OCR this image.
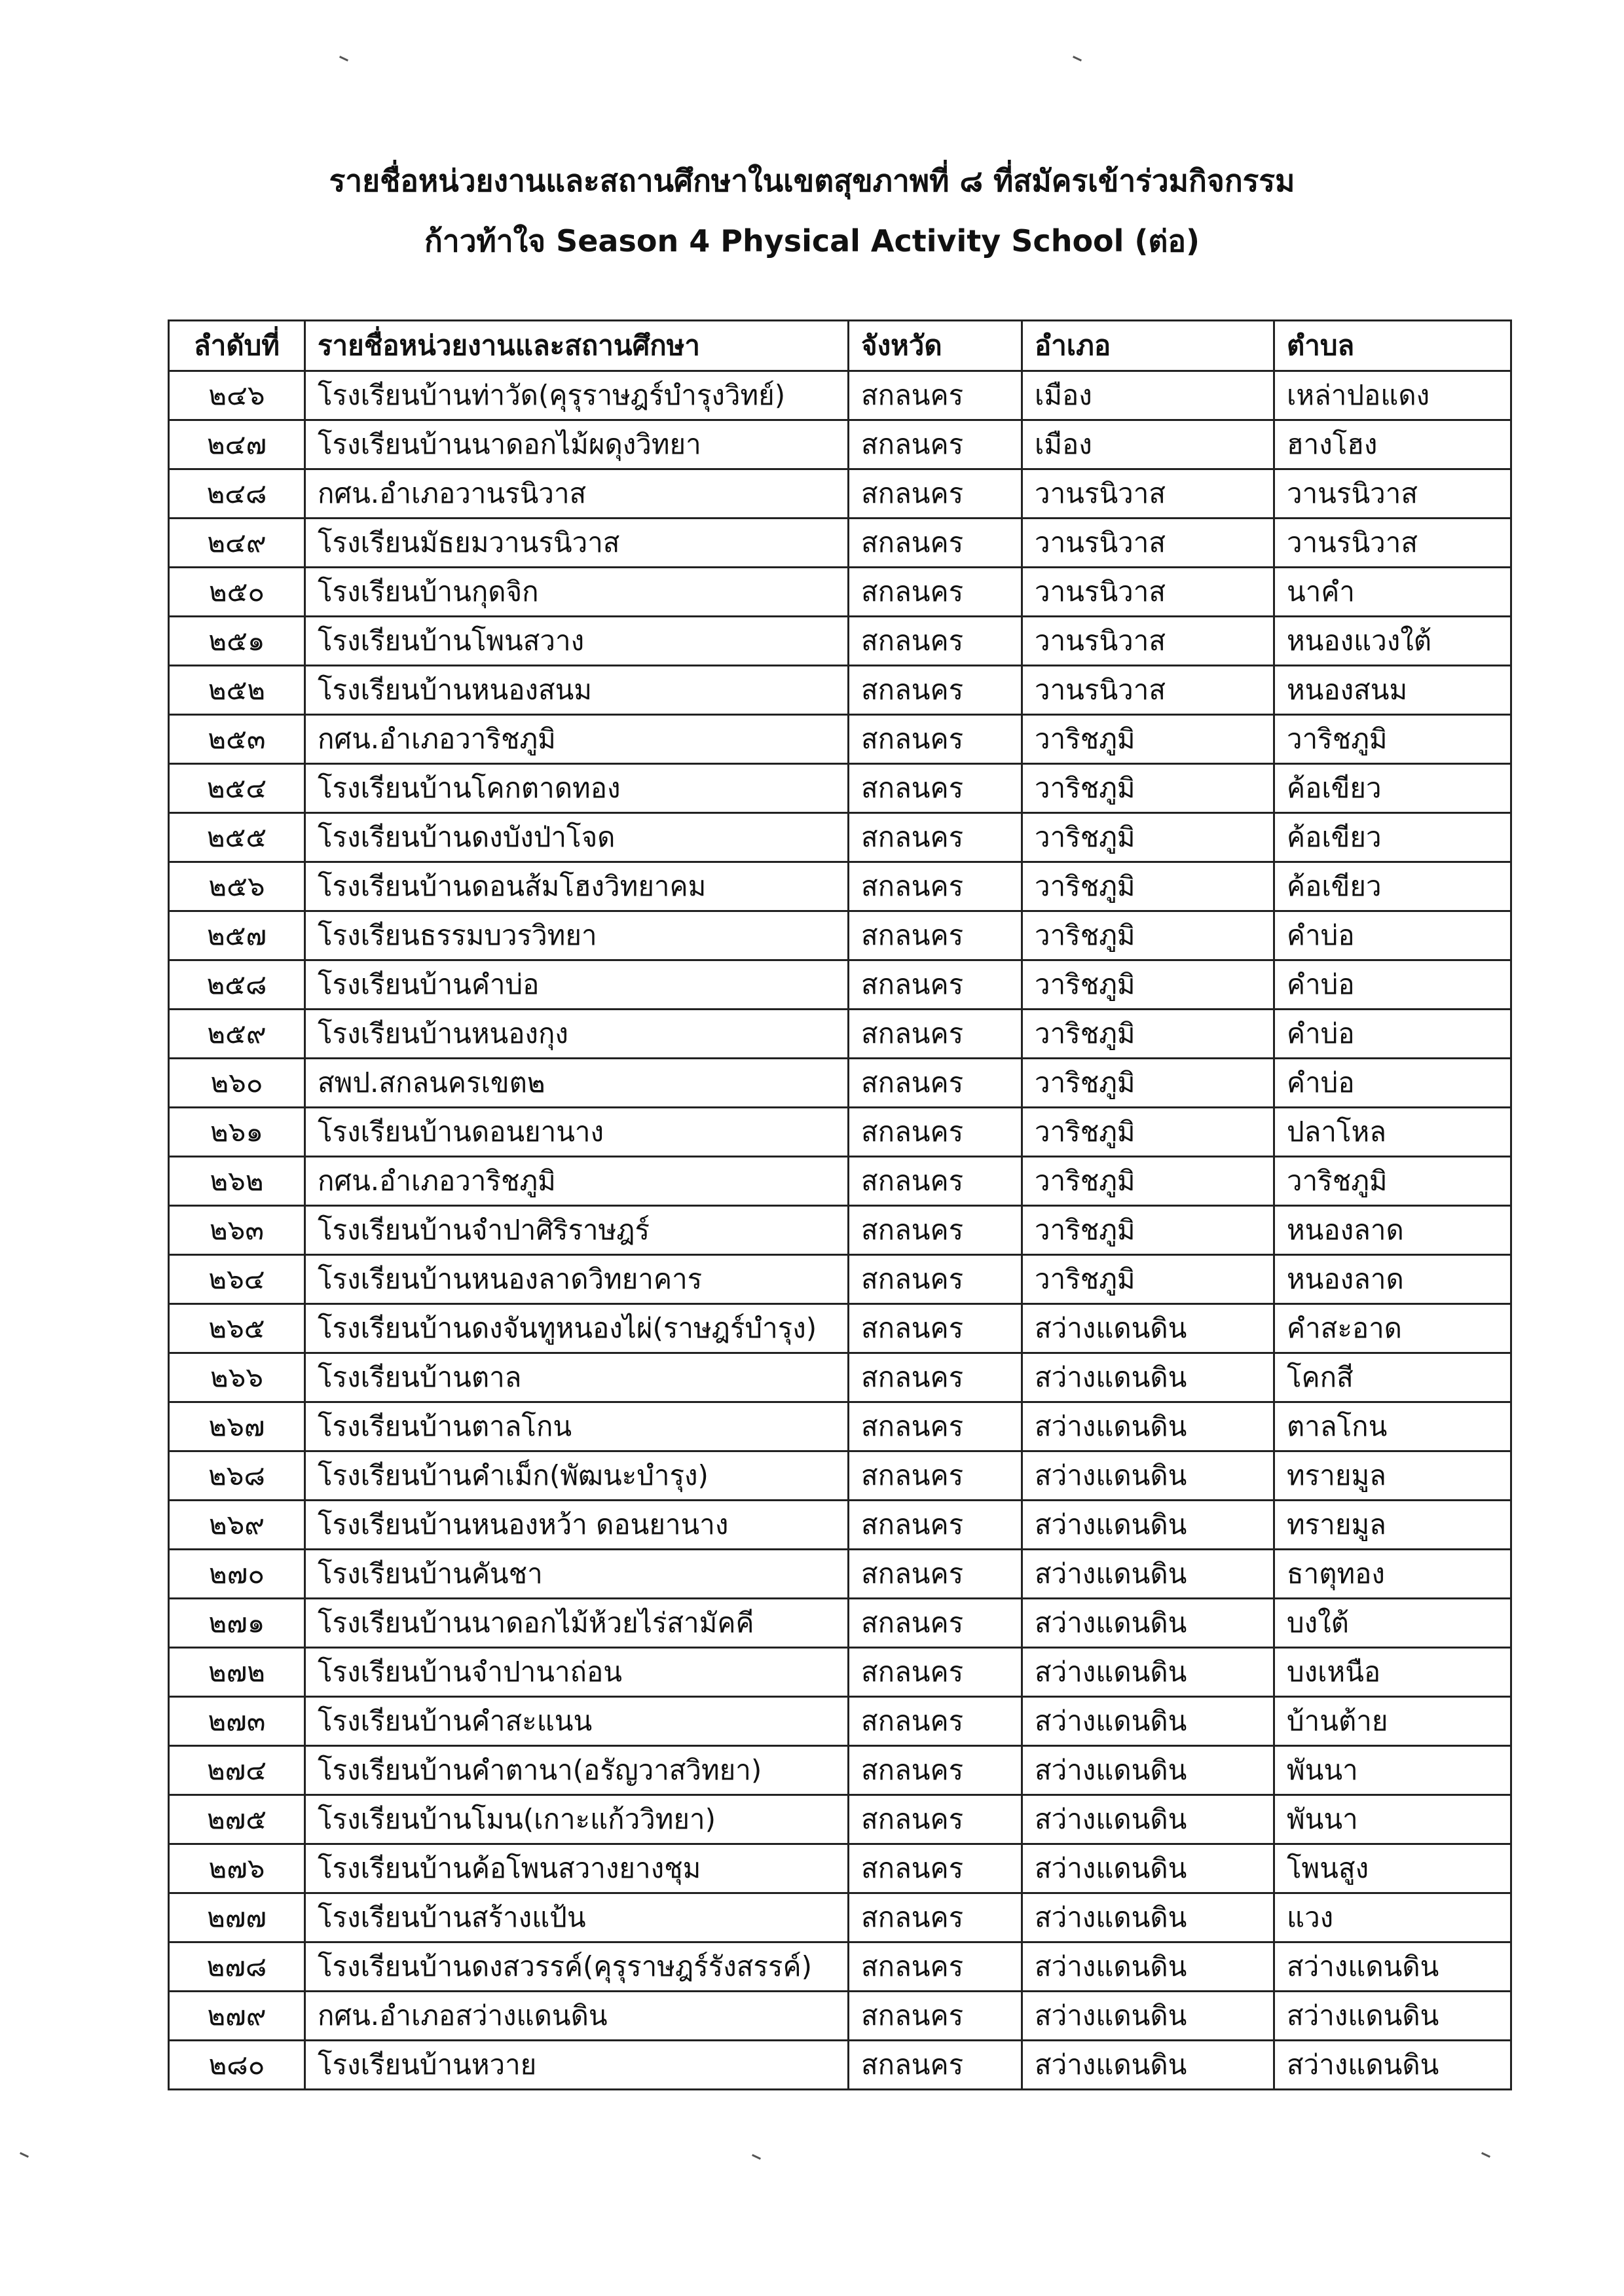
รายชื่อหน่วยงานและสถานศึกษาในเขตสุขภาพที่ ๘ ที่สมัครเข้าร่วมกิจกรรม
ก้าวท้าใจ Season 4 Physical Activity School (ต่อ)
ลำดับที่	รายชื่อหน่วยงานและสถานศึกษา	จังหวัด	อำเภอ	ตำบล
๒๔๖	โรงเรียนบ้านท่าวัด(คุรุราษฎร์บำรุงวิทย์)	สกลนคร	เมือง	เหล่าปอแดง
๒๔๗	โรงเรียนบ้านนาดอกไม้ผดุงวิทยา	สกลนคร	เมือง	ฮางโฮง
๒๔๘	กศน.อำเภอวานรนิวาส	สกลนคร	วานรนิวาส	วานรนิวาส
๒๔๙	โรงเรียนมัธยมวานรนิวาส	สกลนคร	วานรนิวาส	วานรนิวาส
๒๕๐	โรงเรียนบ้านกุดจิก	สกลนคร	วานรนิวาส	นาคำ
๒๕๑	โรงเรียนบ้านโพนสวาง	สกลนคร	วานรนิวาส	หนองแวงใต้
๒๕๒	โรงเรียนบ้านหนองสนม	สกลนคร	วานรนิวาส	หนองสนม
๒๕๓	กศน.อำเภอวาริชภูมิ	สกลนคร	วาริชภูมิ	วาริชภูมิ
๒๕๔	โรงเรียนบ้านโคกตาดทอง	สกลนคร	วาริชภูมิ	ค้อเขียว
๒๕๕	โรงเรียนบ้านดงบังป่าโจด	สกลนคร	วาริชภูมิ	ค้อเขียว
๒๕๖	โรงเรียนบ้านดอนส้มโฮงวิทยาคม	สกลนคร	วาริชภูมิ	ค้อเขียว
๒๕๗	โรงเรียนธรรมบวรวิทยา	สกลนคร	วาริชภูมิ	คำบ่อ
๒๕๘	โรงเรียนบ้านคำบ่อ	สกลนคร	วาริชภูมิ	คำบ่อ
๒๕๙	โรงเรียนบ้านหนองกุง	สกลนคร	วาริชภูมิ	คำบ่อ
๒๖๐	สพป.สกลนครเขต๒	สกลนคร	วาริชภูมิ	คำบ่อ
๒๖๑	โรงเรียนบ้านดอนยานาง	สกลนคร	วาริชภูมิ	ปลาโหล
๒๖๒	กศน.อำเภอวาริชภูมิ	สกลนคร	วาริชภูมิ	วาริชภูมิ
๒๖๓	โรงเรียนบ้านจำปาศิริราษฎร์	สกลนคร	วาริชภูมิ	หนองลาด
๒๖๔	โรงเรียนบ้านหนองลาดวิทยาคาร	สกลนคร	วาริชภูมิ	หนองลาด
๒๖๕	โรงเรียนบ้านดงจันทูหนองไผ่(ราษฎร์บำรุง)	สกลนคร	สว่างแดนดิน	คำสะอาด
๒๖๖	โรงเรียนบ้านตาล	สกลนคร	สว่างแดนดิน	โคกสี
๒๖๗	โรงเรียนบ้านตาลโกน	สกลนคร	สว่างแดนดิน	ตาลโกน
๒๖๘	โรงเรียนบ้านคำเม็ก(พัฒนะบำรุง)	สกลนคร	สว่างแดนดิน	ทรายมูล
๒๖๙	โรงเรียนบ้านหนองหว้า ดอนยานาง	สกลนคร	สว่างแดนดิน	ทรายมูล
๒๗๐	โรงเรียนบ้านคันชา	สกลนคร	สว่างแดนดิน	ธาตุทอง
๒๗๑	โรงเรียนบ้านนาดอกไม้ห้วยไร่สามัคคี	สกลนคร	สว่างแดนดิน	บงใต้
๒๗๒	โรงเรียนบ้านจำปานาถ่อน	สกลนคร	สว่างแดนดิน	บงเหนือ
๒๗๓	โรงเรียนบ้านคำสะแนน	สกลนคร	สว่างแดนดิน	บ้านต้าย
๒๗๔	โรงเรียนบ้านคำตานา(อรัญวาสวิทยา)	สกลนคร	สว่างแดนดิน	พันนา
๒๗๕	โรงเรียนบ้านโมน(เกาะแก้ววิทยา)	สกลนคร	สว่างแดนดิน	พันนา
๒๗๖	โรงเรียนบ้านค้อโพนสวางยางชุม	สกลนคร	สว่างแดนดิน	โพนสูง
๒๗๗	โรงเรียนบ้านสร้างแป้น	สกลนคร	สว่างแดนดิน	แวง
๒๗๘	โรงเรียนบ้านดงสวรรค์(คุรุราษฎร์รังสรรค์)	สกลนคร	สว่างแดนดิน	สว่างแดนดิน
๒๗๙	กศน.อำเภอสว่างแดนดิน	สกลนคร	สว่างแดนดิน	สว่างแดนดิน
๒๘๐	โรงเรียนบ้านหวาย	สกลนคร	สว่างแดนดิน	สว่างแดนดิน
